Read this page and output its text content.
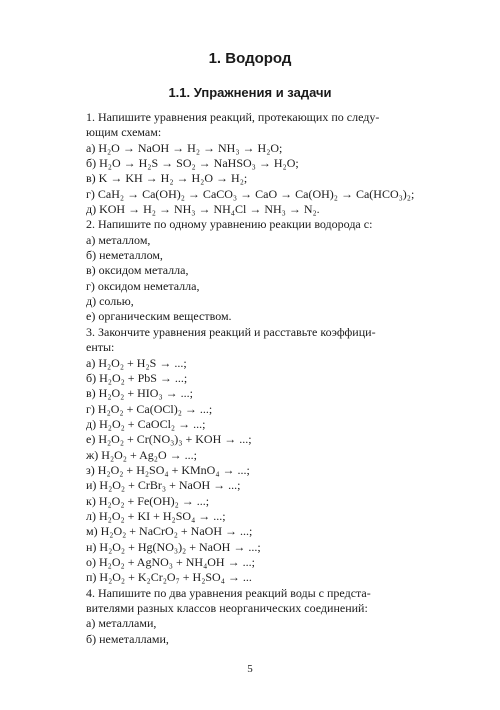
1. Водород
1.1. Упражнения и задачи
1. Напишите уравнения реакций, протекающих по следу-
ющим схемам:
а) H₂O → NaOH → H₂ → NH₃ → H₂O;
б) H₂O → H₂S → SO₂ → NaHSO₃ → H₂O;
в) K → KH → H₂ → H₂O → H₂;
г) CaH₂ → Ca(OH)₂ → CaCO₃ → CaO → Ca(OH)₂ → Ca(HCO₃)₂;
д) KOH → H₂ → NH₃ → NH₄Cl → NH₃ → N₂.
2. Напишите по одному уравнению реакции водорода с:
а) металлом,
б) неметаллом,
в) оксидом металла,
г) оксидом неметалла,
д) солью,
е) органическим веществом.
3. Закончите уравнения реакций и расставьте коэффици-
енты:
а) H₂O₂ + H₂S → ...;
б) H₂O₂ + PbS → ...;
в) H₂O₂ + HIO₃ → ...;
г) H₂O₂ + Ca(OCl)₂ → ...;
д) H₂O₂ + CaOCl₂ → ...;
е) H₂O₂ + Cr(NO₃)₃ + KOH → ...;
ж) H₂O₂ + Ag₂O → ...;
з) H₂O₂ + H₂SO₄ + KMnO₄ → ...;
и) H₂O₂ + CrBr₃ + NaOH → ...;
к) H₂O₂ + Fe(OH)₂ → ...;
л) H₂O₂ + KI + H₂SO₄ → ...;
м) H₂O₂ + NaCrO₂ + NaOH → ...;
н) H₂O₂ + Hg(NO₃)₂ + NaOH → ...;
о) H₂O₂ + AgNO₃ + NH₄OH → ...;
п) H₂O₂ + K₂Cr₂O₇ + H₂SO₄ → ...
4. Напишите по два уравнения реакций воды с предста-
вителями разных классов неорганических соединений:
а) металлами,
б) неметаллами,
5
